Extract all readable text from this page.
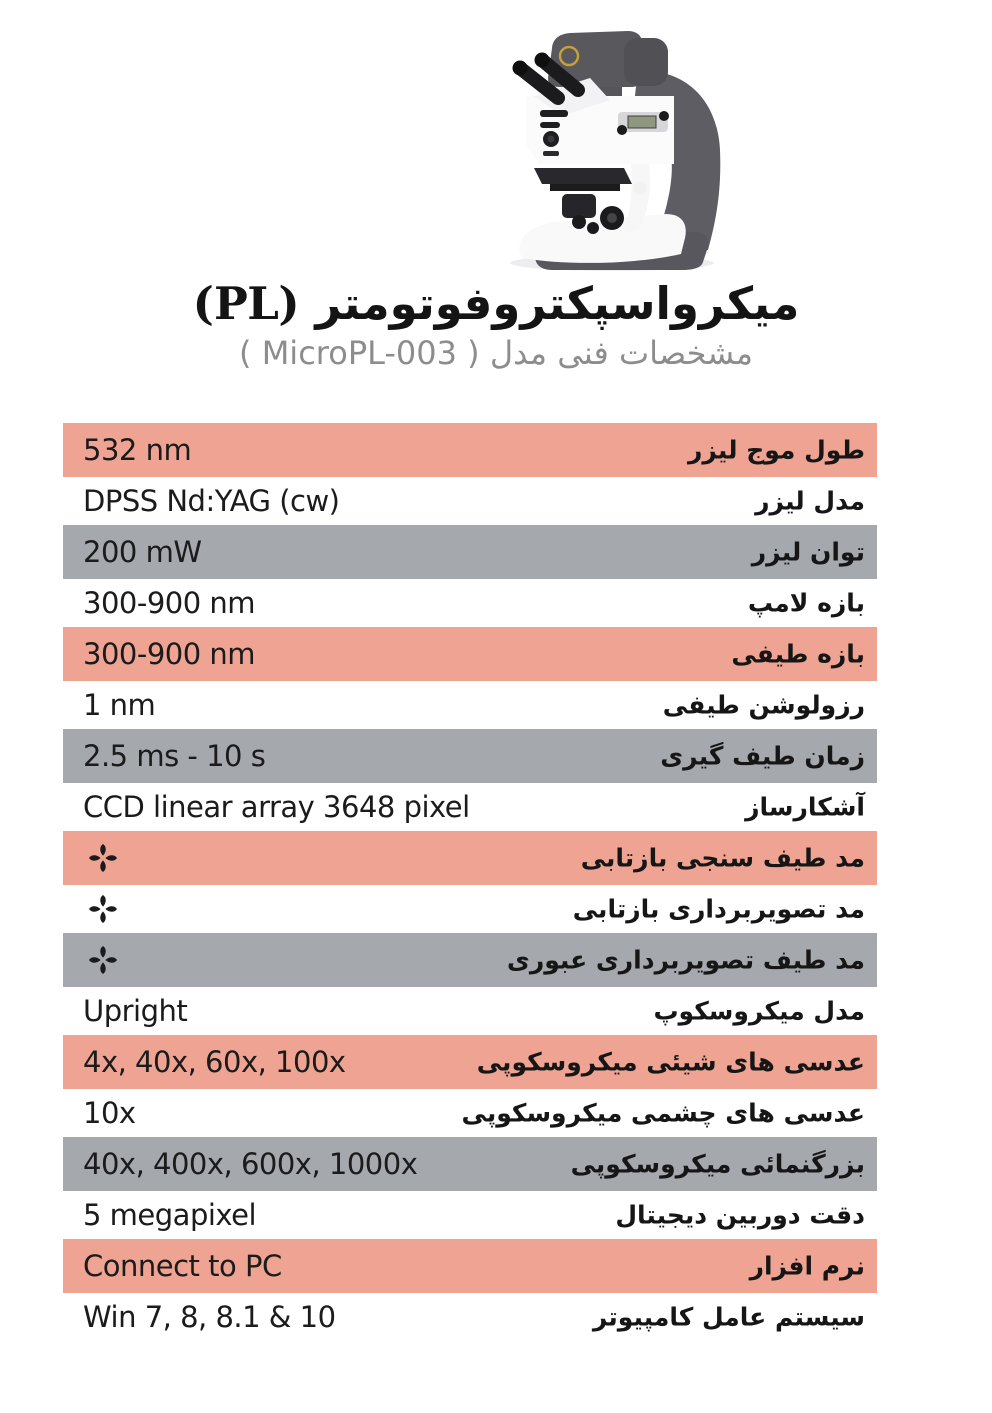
میکرواسپکتروفوتومتر (PL)
مشخصات فنی مدل ( MicroPL-003 )
طول موج لیزر
532 nm
مدل لیزر
DPSS Nd:YAG (cw)
توان لیزر
200 mW
بازه لامپ
300-900 nm
بازه طیفی
300-900 nm
رزولوشن طیفی
1 nm
زمان طیف گیری
2.5 ms - 10 s
آشکارساز
CCD linear array 3648 pixel
مد طیف سنجی بازتابی
مد تصویربرداری بازتابی
مد طیف تصویربرداری عبوری
مدل میکروسکوپ
Upright
عدسی های شیئی میکروسکوپی
4x, 40x, 60x, 100x
عدسی های چشمی میکروسکوپی
10x
بزرگنمائی میکروسکوپی
40x, 400x, 600x, 1000x
دقت دوربین دیجیتال
5 megapixel
نرم افزار
Connect to PC
سیستم عامل کامپیوتر
Win 7, 8, 8.1 & 10
